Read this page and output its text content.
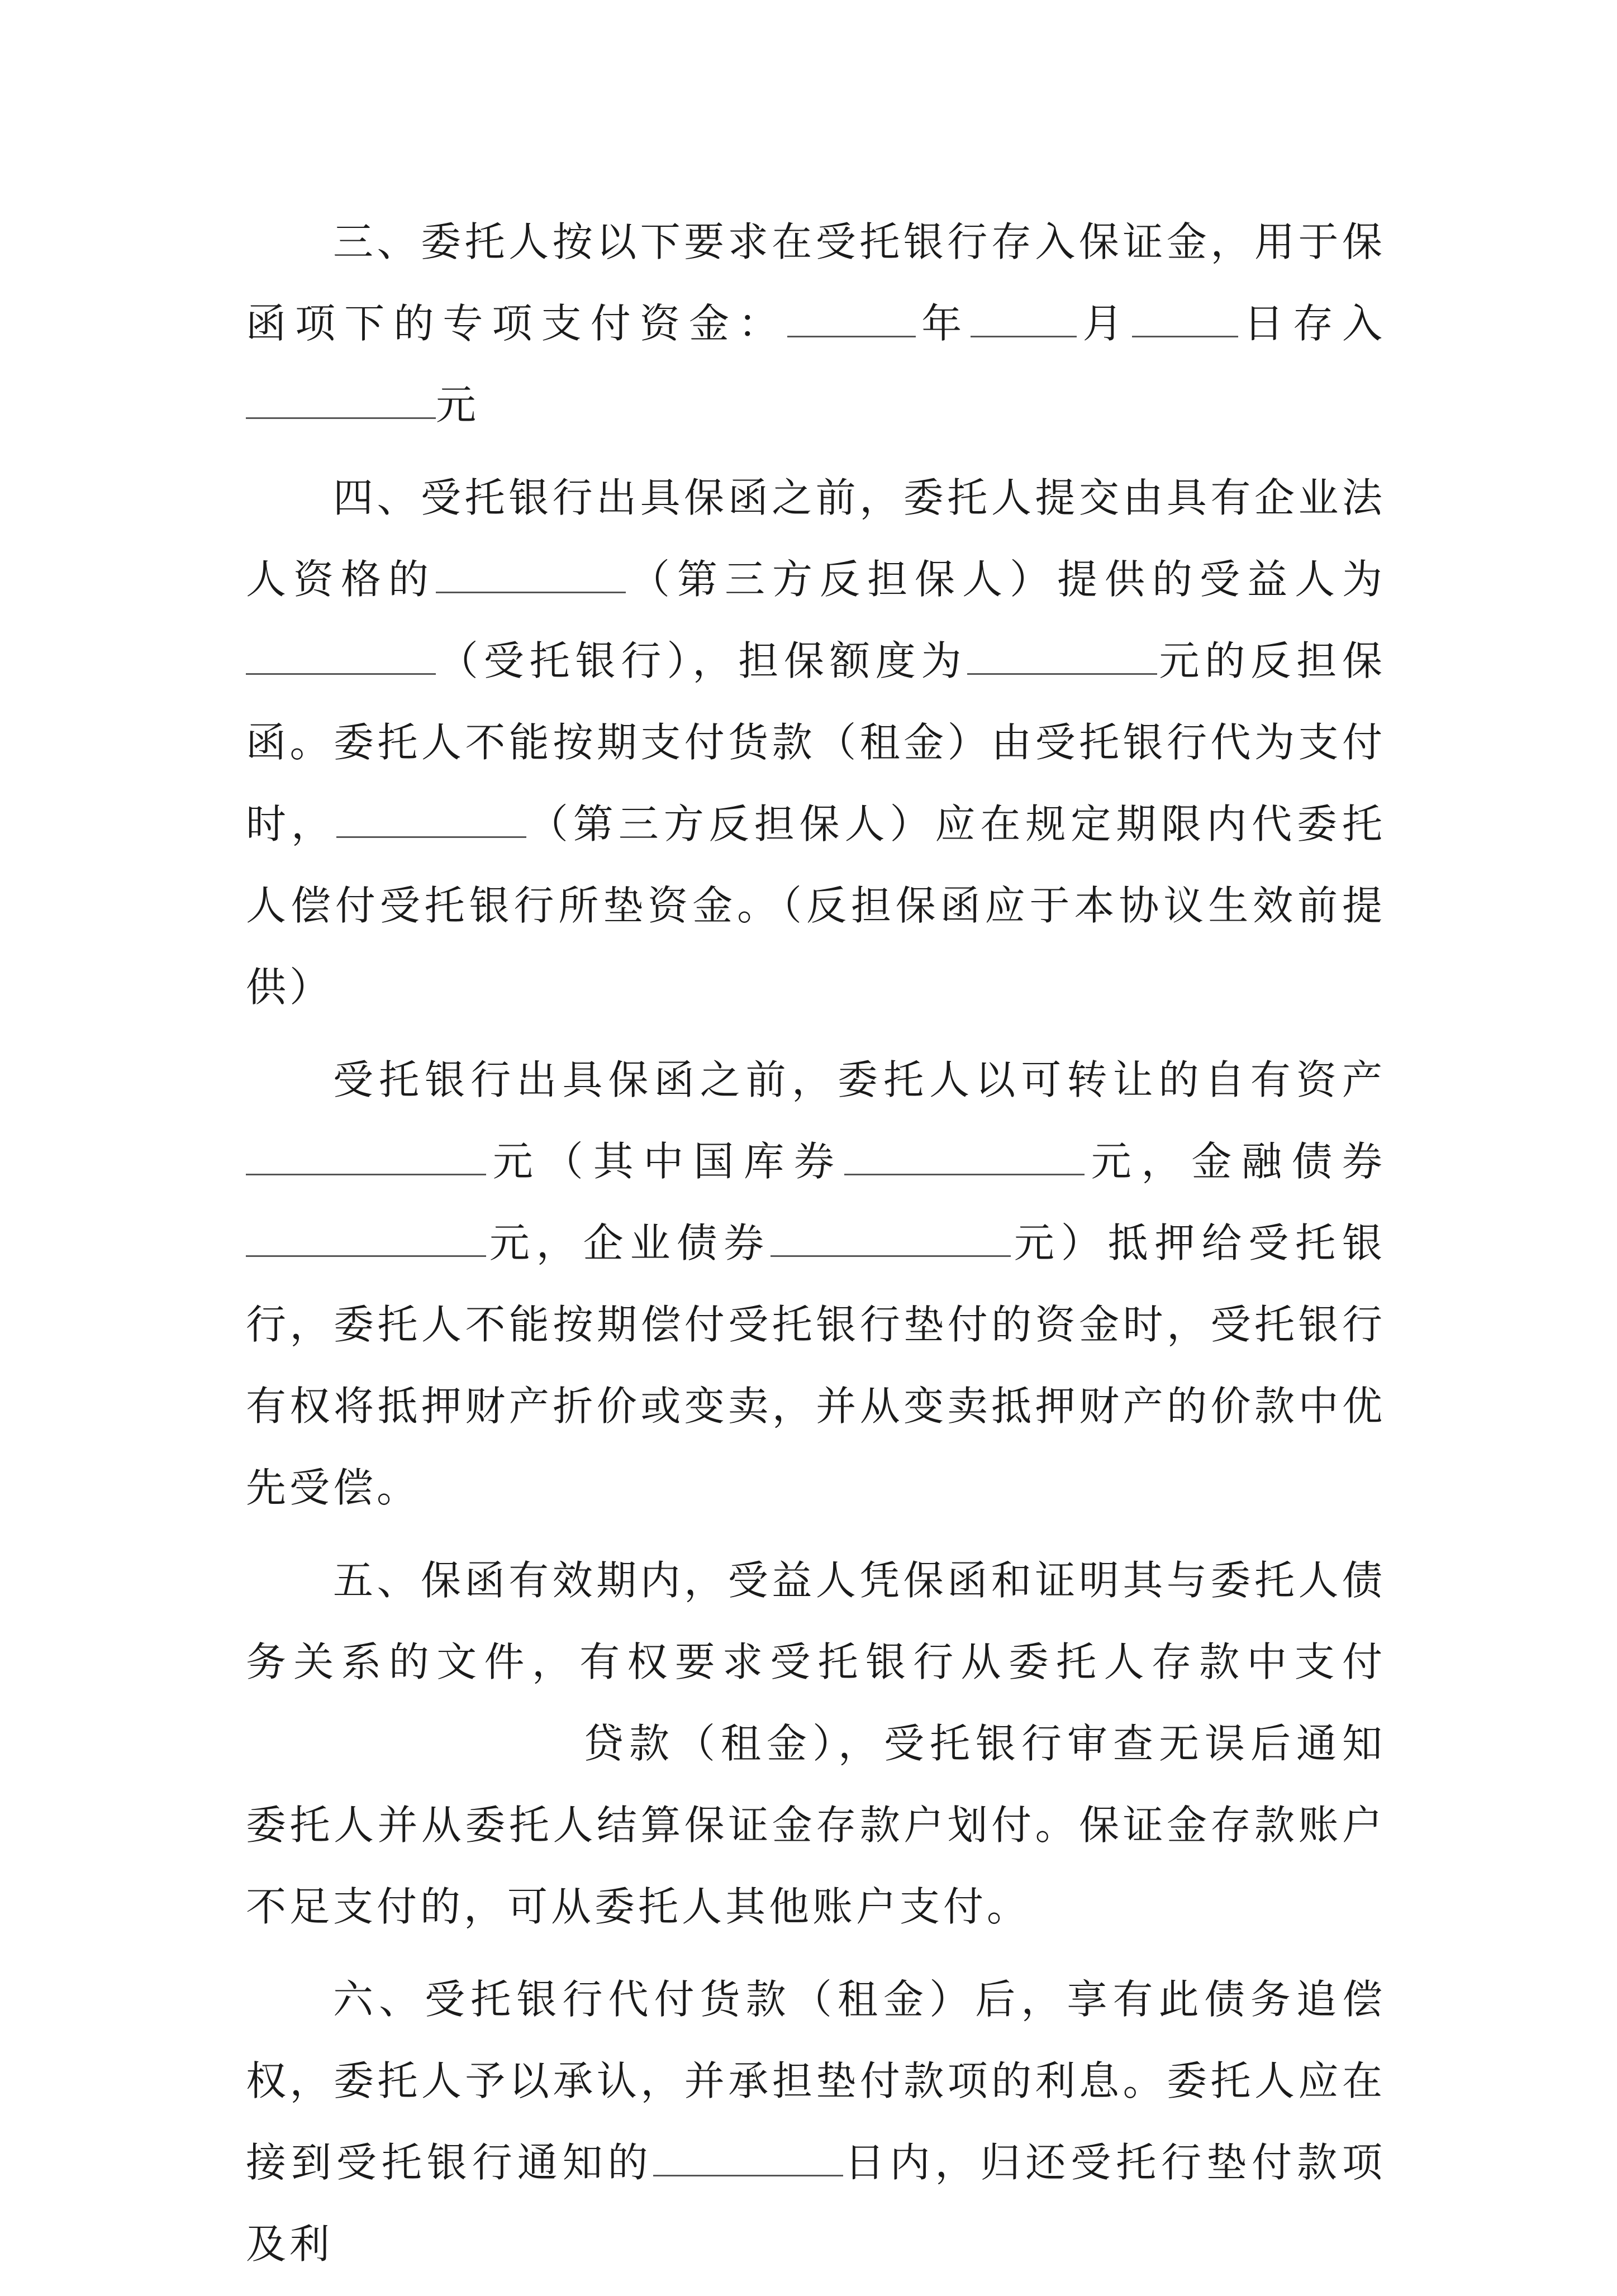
三、委托人按以下要求在受托银行存入保证金，用于保函项下的专项支付资金：	年	月	日存入元

四、受托银行出具保函之前，委托人提交由具有企业法人资格的	（第三方反担保人）提供的受益人为（受托银行），担保额度为	元的反担保函。委托人不能按期支付货款（租金）由受托银行代为支付时，	（第三方反担保人）应在规定期限内代委托人偿付受托银行所垫资金。（反担保函应于本协议生效前提供）

受托银行出具保函之前，委托人以可转让的自有资产元（其中国库券	元，金融债券元，企业债券	元）抵押给受托银行，委托人不能按期偿付受托银行垫付的资金时，受托银行有权将抵押财产折价或变卖，并从变卖抵押财产的价款中优先受偿。

五、保函有效期内，受益人凭保函和证明其与委托人债务关系的文件，有权要求受托银行从委托人存款中支付贷款（租金），受托银行审查无误后通知委托人并从委托人结算保证金存款户划付。保证金存款账户不足支付的，可从委托人其他账户支付。

六、受托银行代付货款（租金）后，享有此债务追偿权，委托人予以承认，并承担垫付款项的利息。委托人应在接到受托银行通知的	日内，归还受托行垫付款项及利
